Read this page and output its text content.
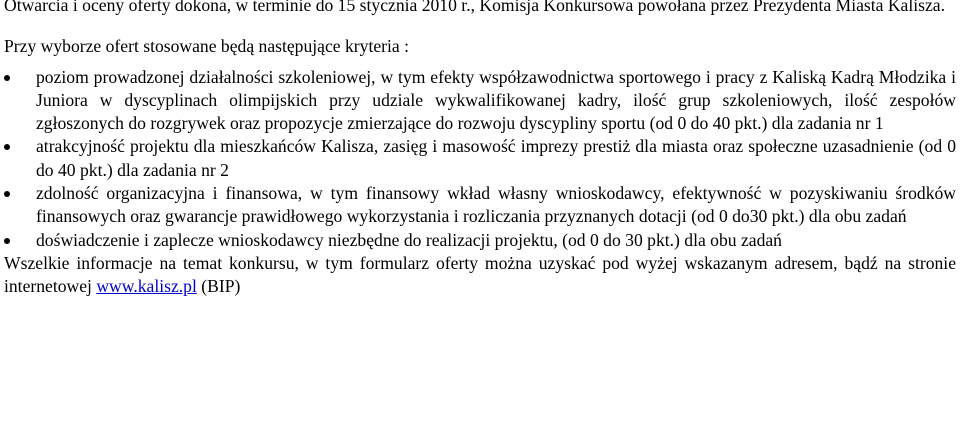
Otwarcia i oceny oferty dokona, w terminie do 15 stycznia 2010 r., Komisja Konkursowa powołana przez Prezydenta Miasta Kalisza.

Przy wyborze ofert stosowane będą następujące kryteria :

poziom prowadzonej działalności szkoleniowej, w tym efekty współzawodnictwa sportowego i pracy z Kaliską Kadrą Młodzika i Juniora w dyscyplinach olimpijskich przy udziale wykwalifikowanej kadry, ilość grup szkoleniowych, ilość zespołów zgłoszonych do rozgrywek oraz propozycje zmierzające do rozwoju dyscypliny sportu (od 0 do 40 pkt.) dla zadania nr 1
atrakcyjność projektu dla mieszkańców Kalisza, zasięg i masowość imprezy prestiż dla miasta oraz społeczne uzasadnienie (od 0 do 40 pkt.) dla zadania nr 2
zdolność organizacyjna i finansowa, w tym finansowy wkład własny wnioskodawcy, efektywność w pozyskiwaniu środków finansowych oraz gwarancje prawidłowego wykorzystania i rozliczania przyznanych dotacji (od 0 do30 pkt.) dla obu zadań
doświadczenie i zaplecze wnioskodawcy niezbędne do realizacji projektu, (od 0 do 30 pkt.) dla obu zadań

Wszelkie informacje na temat konkursu, w tym formularz oferty można uzyskać pod wyżej wskazanym adresem, bądź na stronie internetowej www.kalisz.pl (BIP)
